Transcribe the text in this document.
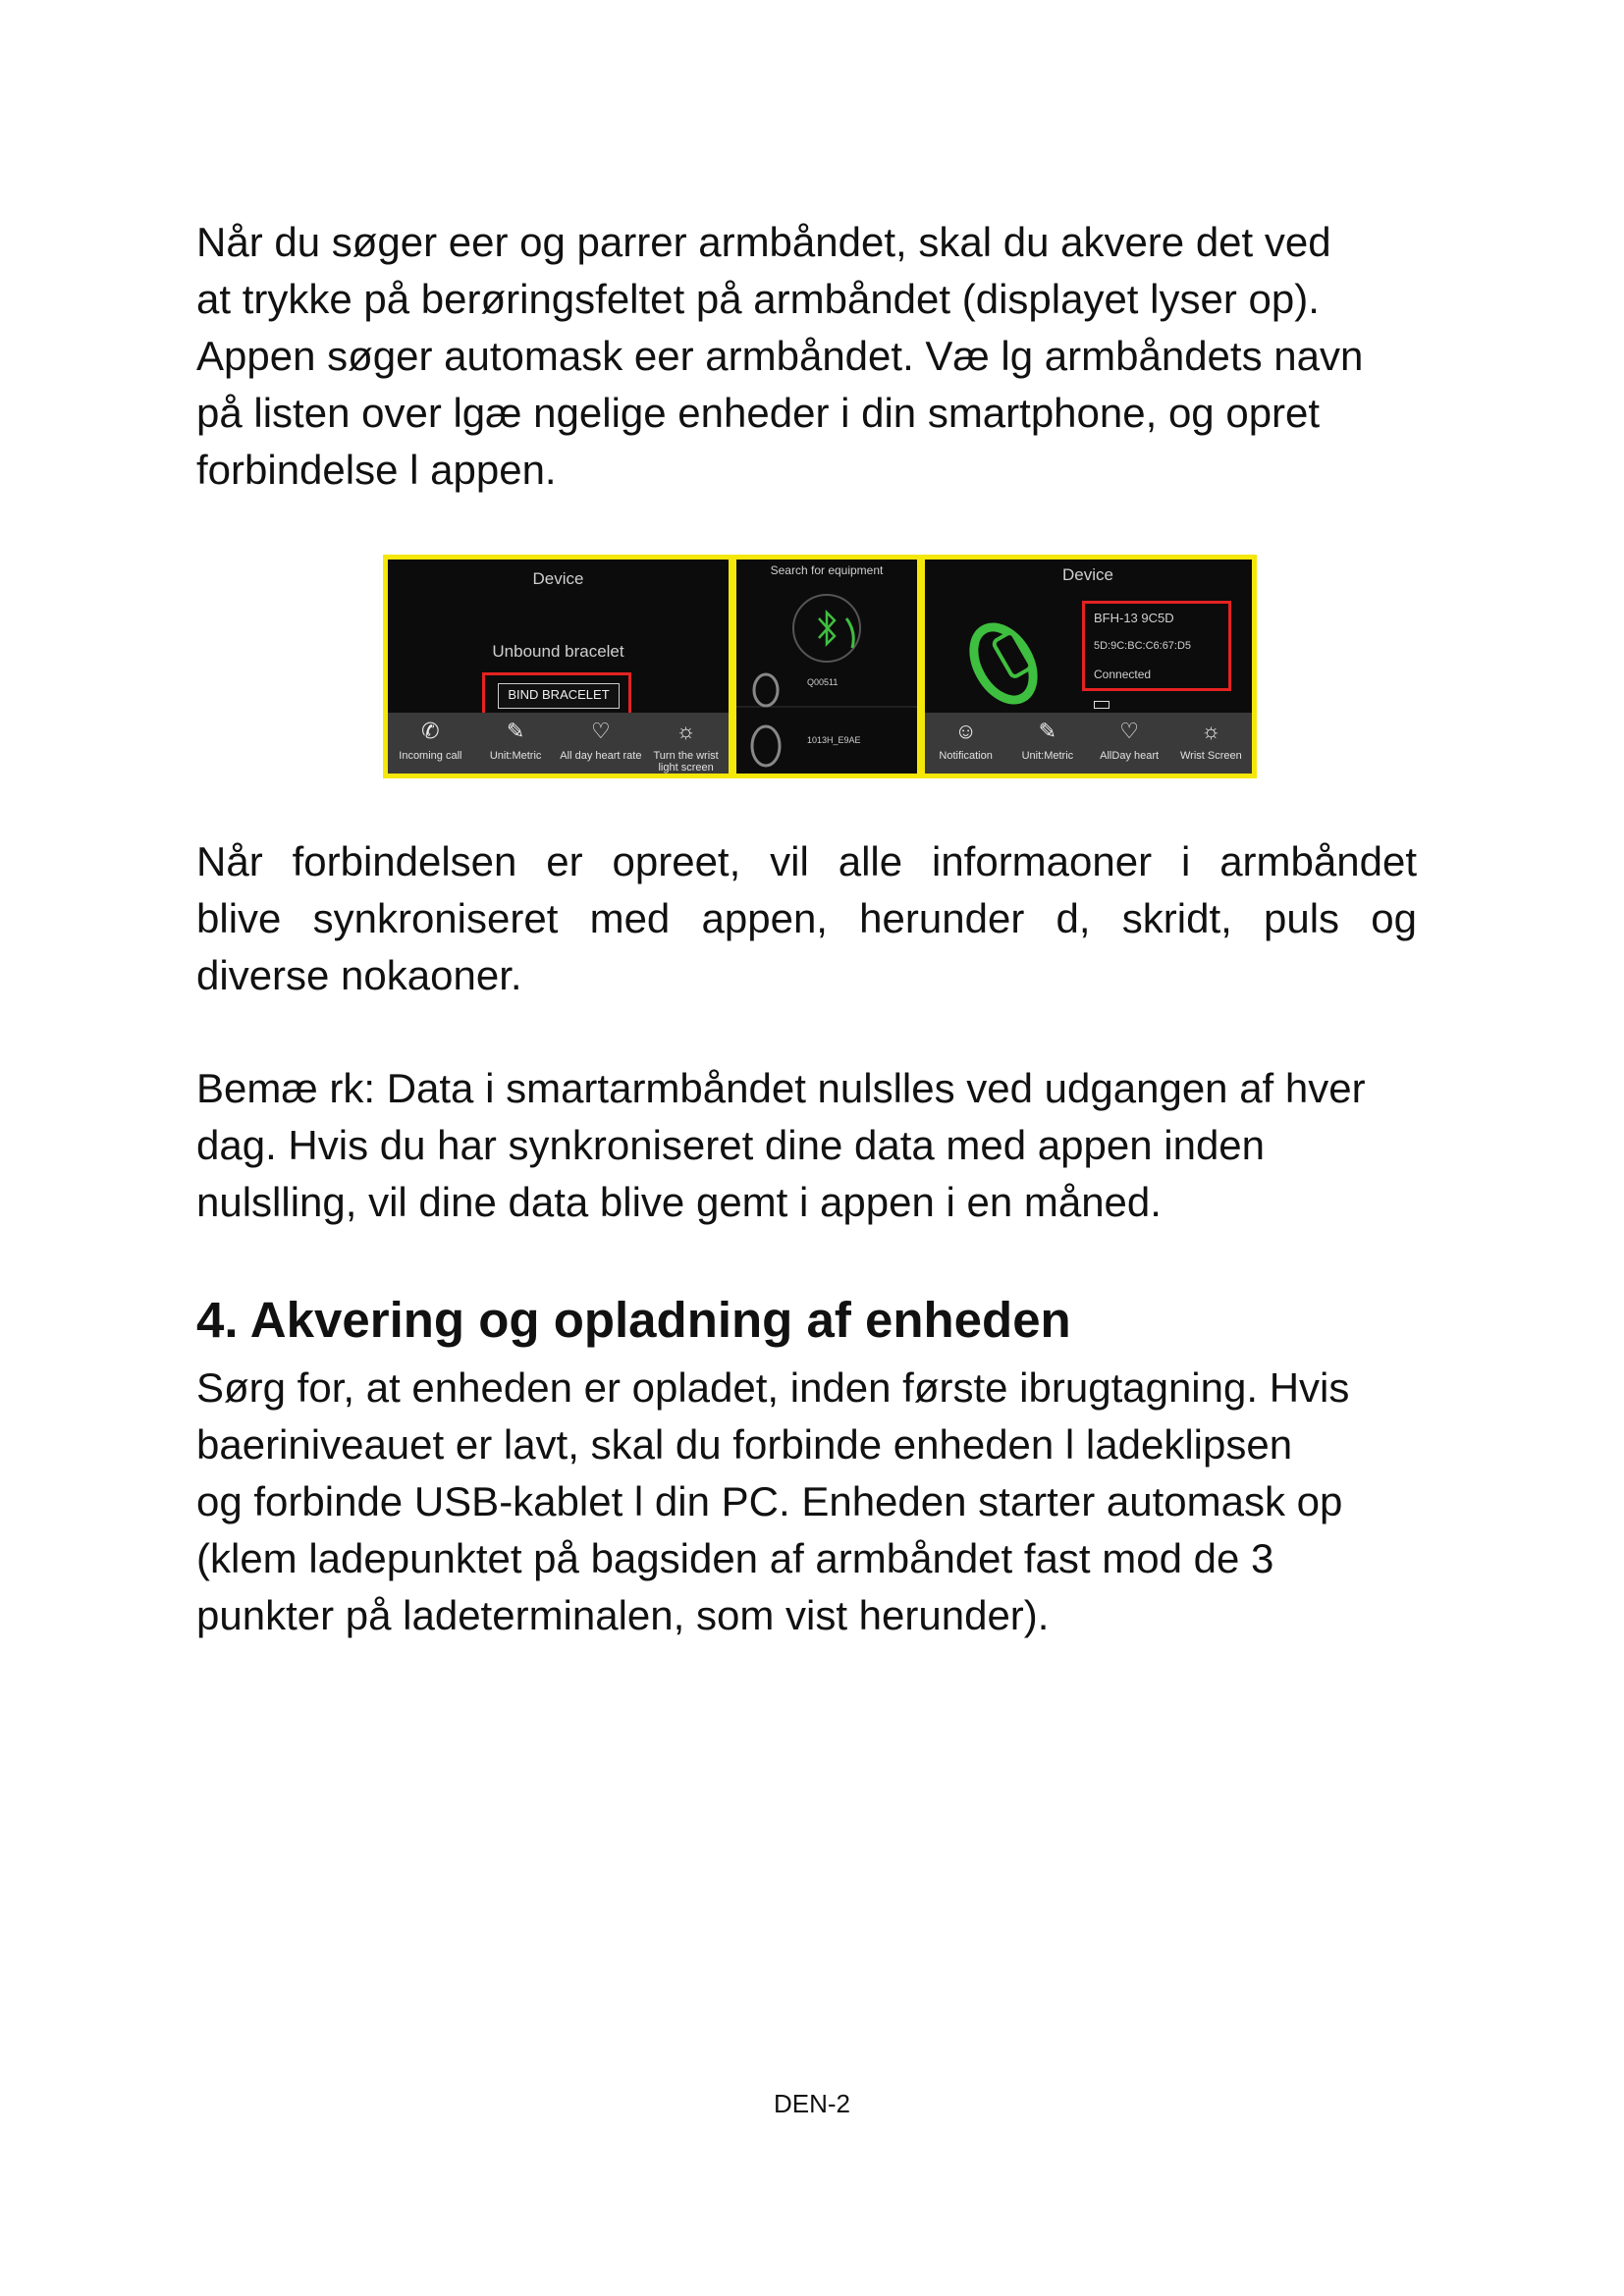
Når du søger eer og parrer armbåndet, skal du akvere det ved
at trykke på berøringsfeltet på armbåndet (displayet lyser op).
Appen søger automask eer armbåndet. Væ lg armbåndets navn
på listen over lgæ ngelige enheder i din smartphone, og opret
forbindelse l appen.

Device
Unbound bracelet
BIND BRACELET
✆
Incoming call
✎
Unit:Metric
♡
All day heart rate
☼
Turn the wrist light screen
Search for equipment
Q00511
1013H_E9AE
Device
BFH-13 9C5D
5D:9C:BC:C6:67:D5
Connected
☺
Notification
✎
Unit:Metric
♡
AllDay heart
☼
Wrist Screen

Når forbindelsen er opreet, vil alle informaoner i armbåndet
blive synkroniseret med appen, herunder d, skridt, puls og
diverse nokaoner.

Bemæ rk: Data i smartarmbåndet nulslles ved udgangen af hver
dag. Hvis du har synkroniseret dine data med appen inden
nulslling, vil dine data blive gemt i appen i en måned.

4. Akvering og opladning af enheden

Sørg for, at enheden er opladet, inden første ibrugtagning. Hvis
baeriniveauet er lavt, skal du forbinde enheden l ladeklipsen
og forbinde USB-kablet l din PC. Enheden starter automask op
(klem ladepunktet på bagsiden af armbåndet fast mod de 3
punkter på ladeterminalen, som vist herunder).

DEN-2
